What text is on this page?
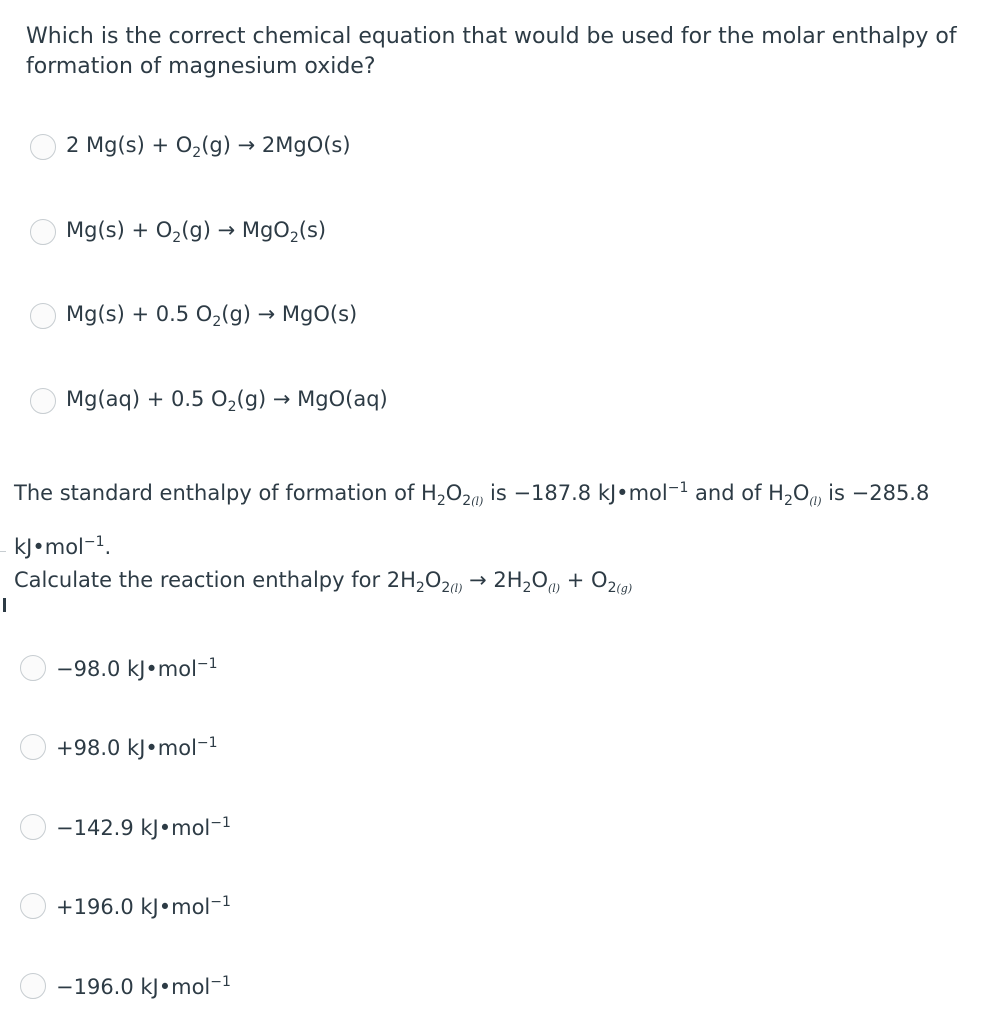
Which is the correct chemical equation that would be used for the molar enthalpy of formation of magnesium oxide?

2 $Mg(s) + O_2(g) \to 2MgO(s)$
$Mg(s) + O_2(g) \to MgO_2(s)$
Mg(s) + 0.5 $O_2(g) \to MgO(s)$
Mg(aq) + 0.5 $O_2(g) \to MgO(aq)$

The standard enthalpy of formation of $H_2O_{2(l)}$ is −187.8 kJ•mol$^{-1}$ and of $H_2O_{(l)}$ is −285.8 kJ•mol$^{-1}$.

Calculate the reaction enthalpy for $2H_2O_{2(l)} \to 2H_2O_{(l)} + O_{2(g)}$

−98.0 kJ•mol$^{-1}$
+98.0 kJ•mol$^{-1}$
−142.9 kJ•mol$^{-1}$
+196.0 kJ•mol$^{-1}$
−196.0 kJ•mol$^{-1}$
